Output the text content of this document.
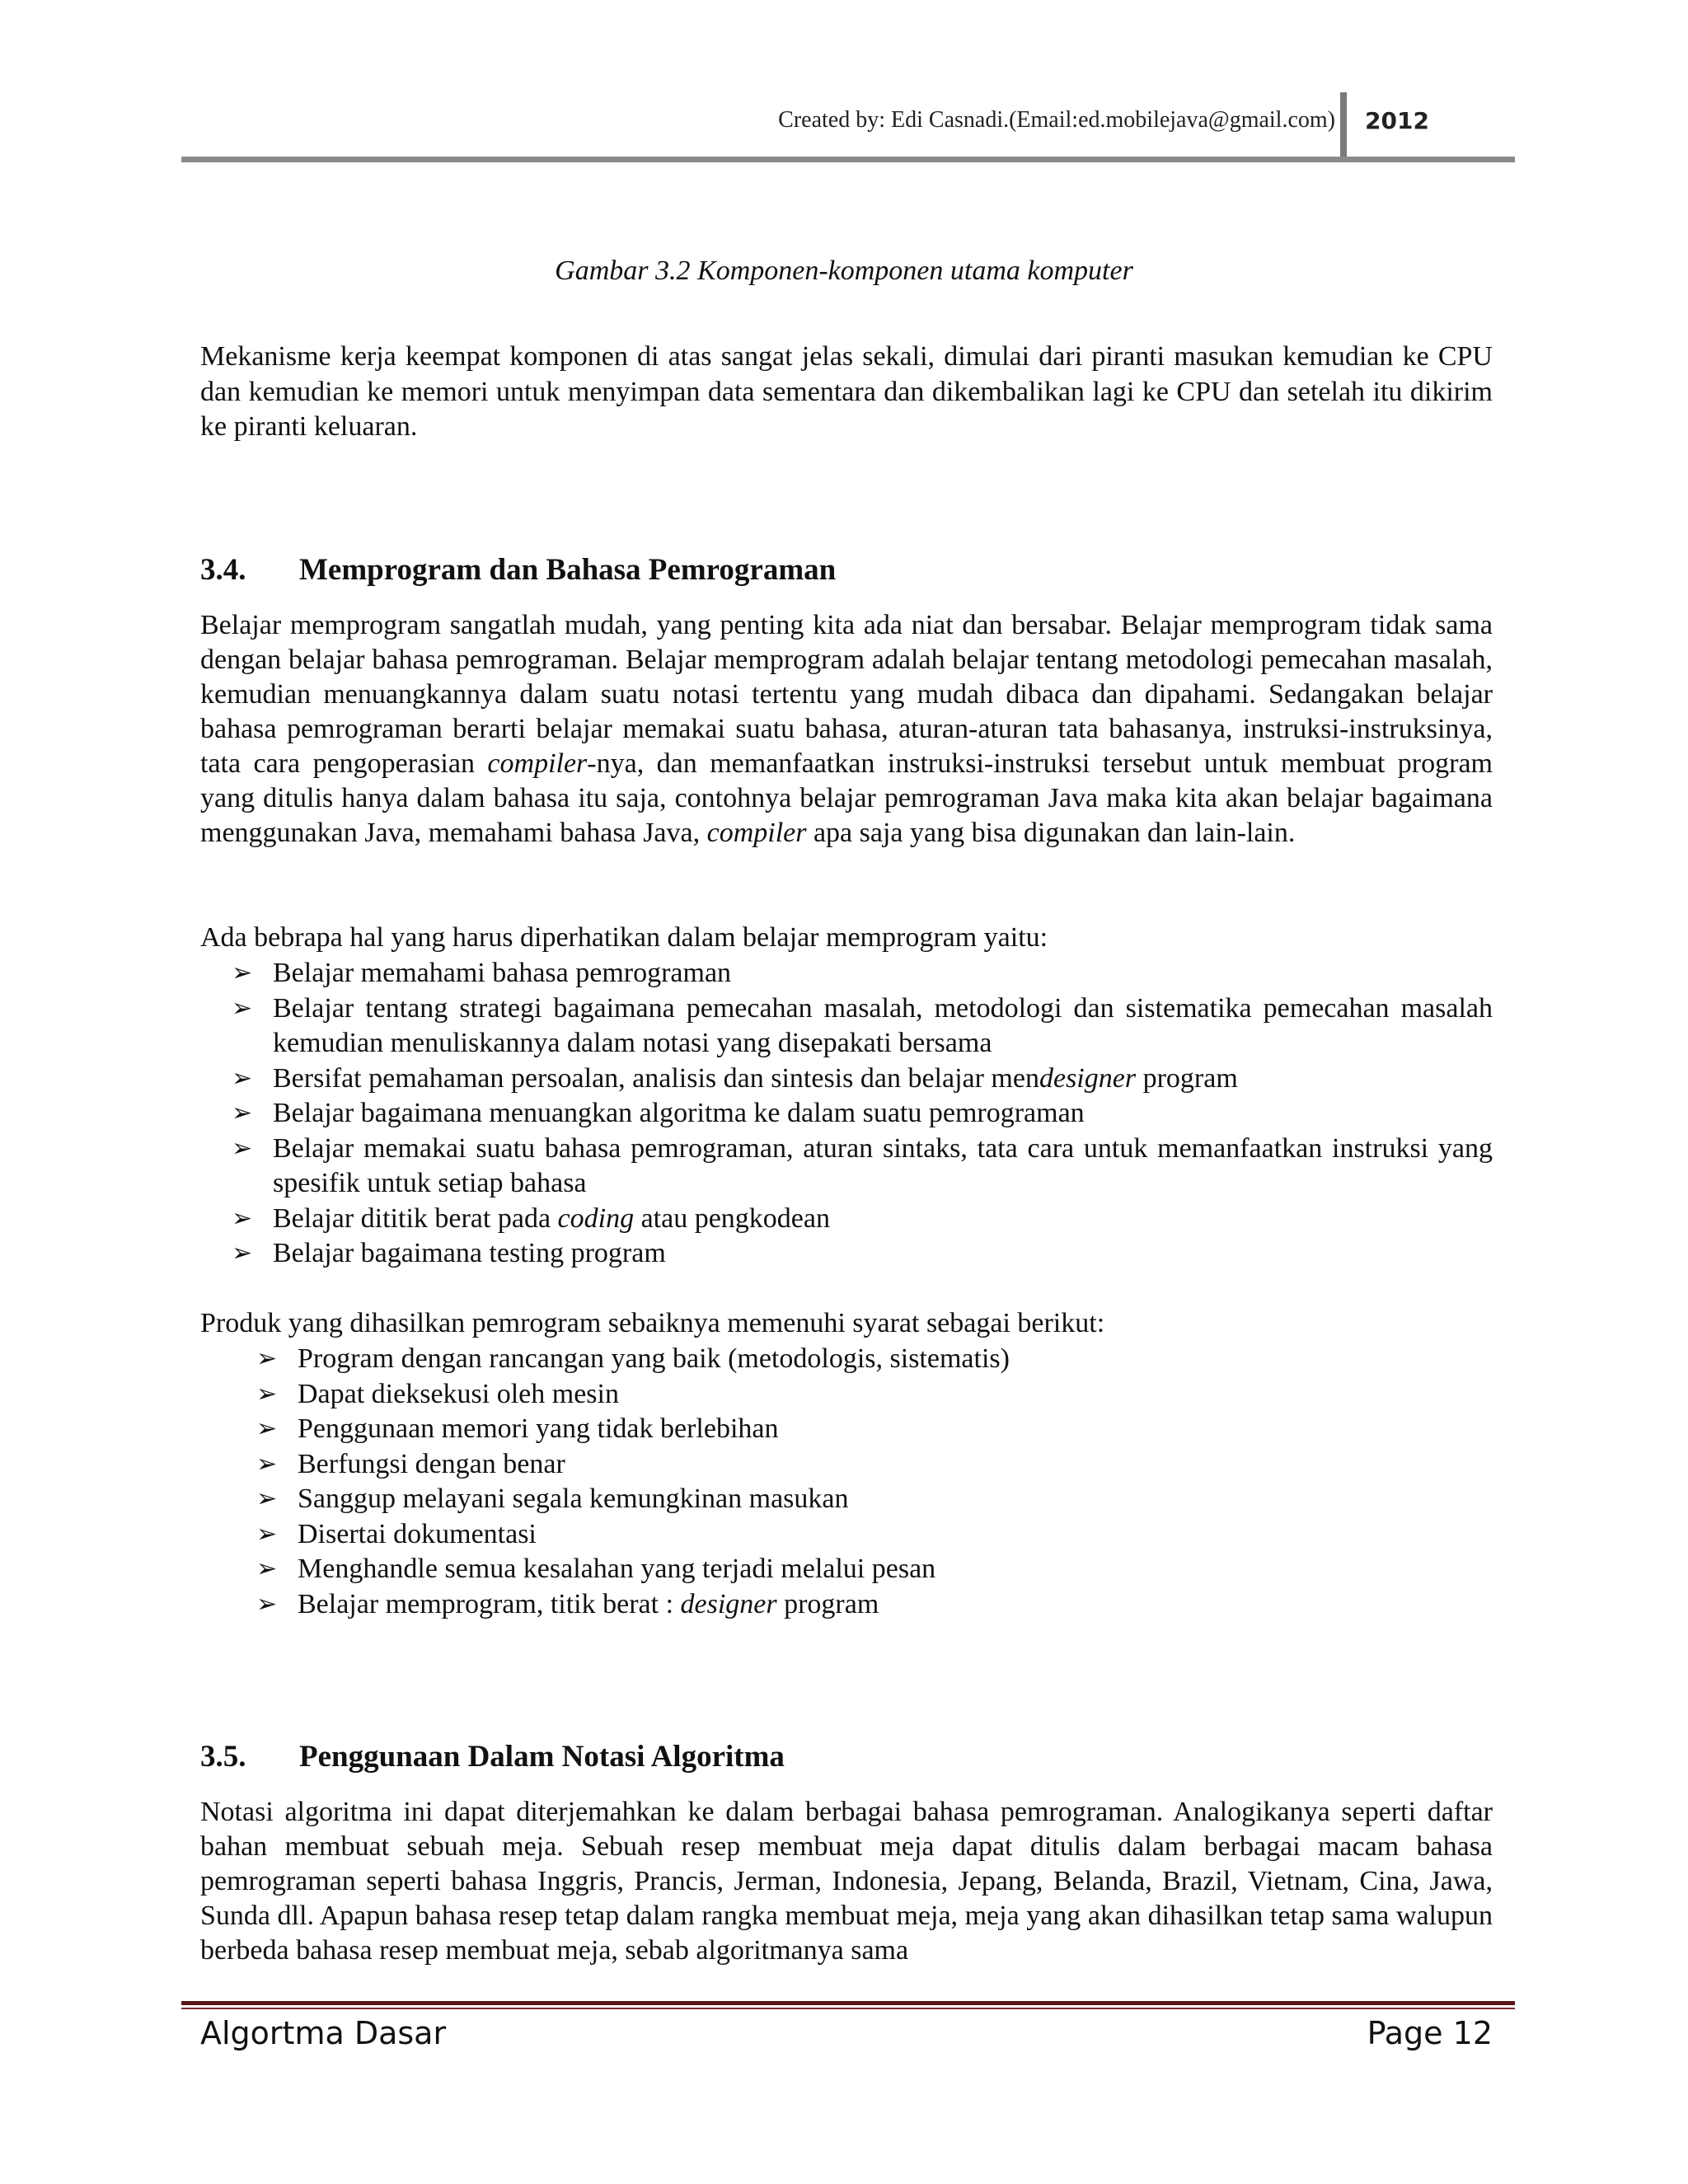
Created by: Edi Casnadi.(Email:ed.mobilejava@gmail.com) 2012
Gambar 3.2 Komponen-komponen utama komputer

Mekanisme kerja keempat komponen di atas sangat jelas sekali, dimulai dari piranti masukan kemudian ke CPU dan kemudian ke memori untuk menyimpan data sementara dan dikembalikan lagi ke CPU dan setelah itu dikirim ke piranti keluaran.

3.4. Memprogram dan Bahasa Pemrograman

Belajar memprogram sangatlah mudah, yang penting kita ada niat dan bersabar. Belajar memprogram tidak sama dengan belajar bahasa pemrograman. Belajar memprogram adalah belajar tentang metodologi pemecahan masalah, kemudian menuangkannya dalam suatu notasi tertentu yang mudah dibaca dan dipahami. Sedangakan belajar bahasa pemrograman berarti belajar memakai suatu bahasa, aturan-aturan tata bahasanya, instruksi-instruksinya, tata cara pengoperasian compiler-nya, dan memanfaatkan instruksi-instruksi tersebut untuk membuat program yang ditulis hanya dalam bahasa itu saja, contohnya belajar pemrograman Java maka kita akan belajar bagaimana menggunakan Java, memahami bahasa Java, compiler apa saja yang bisa digunakan dan lain-lain.

Ada bebrapa hal yang harus diperhatikan dalam belajar memprogram yaitu:

➢ Belajar memahami bahasa pemrograman
➢ Belajar tentang strategi bagaimana pemecahan masalah, metodologi dan sistematika pemecahan masalah kemudian menuliskannya dalam notasi yang disepakati bersama
➢ Bersifat pemahaman persoalan, analisis dan sintesis dan belajar mendesigner program
➢ Belajar bagaimana menuangkan algoritma ke dalam suatu pemrograman
➢ Belajar memakai suatu bahasa pemrograman, aturan sintaks, tata cara untuk memanfaatkan instruksi yang spesifik untuk setiap bahasa
➢ Belajar dititik berat pada coding atau pengkodean
➢ Belajar bagaimana testing program

Produk yang dihasilkan pemrogram sebaiknya memenuhi syarat sebagai berikut:

➢ Program dengan rancangan yang baik (metodologis, sistematis)
➢ Dapat dieksekusi oleh mesin
➢ Penggunaan memori yang tidak berlebihan
➢ Berfungsi dengan benar
➢ Sanggup melayani segala kemungkinan masukan
➢ Disertai dokumentasi
➢ Menghandle semua kesalahan yang terjadi melalui pesan
➢ Belajar memprogram, titik berat : designer program
3.5. Penggunaan Dalam Notasi Algoritma

Notasi algoritma ini dapat diterjemahkan ke dalam berbagai bahasa pemrograman. Analogikanya seperti daftar bahan membuat sebuah meja. Sebuah resep membuat meja dapat ditulis dalam berbagai macam bahasa pemrograman seperti bahasa Inggris, Prancis, Jerman, Indonesia, Jepang, Belanda, Brazil, Vietnam, Cina, Jawa, Sunda dll. Apapun bahasa resep tetap dalam rangka membuat meja, meja yang akan dihasilkan tetap sama walupun berbeda bahasa resep membuat meja, sebab algoritmanya sama

Algortma Dasar	Page 12
